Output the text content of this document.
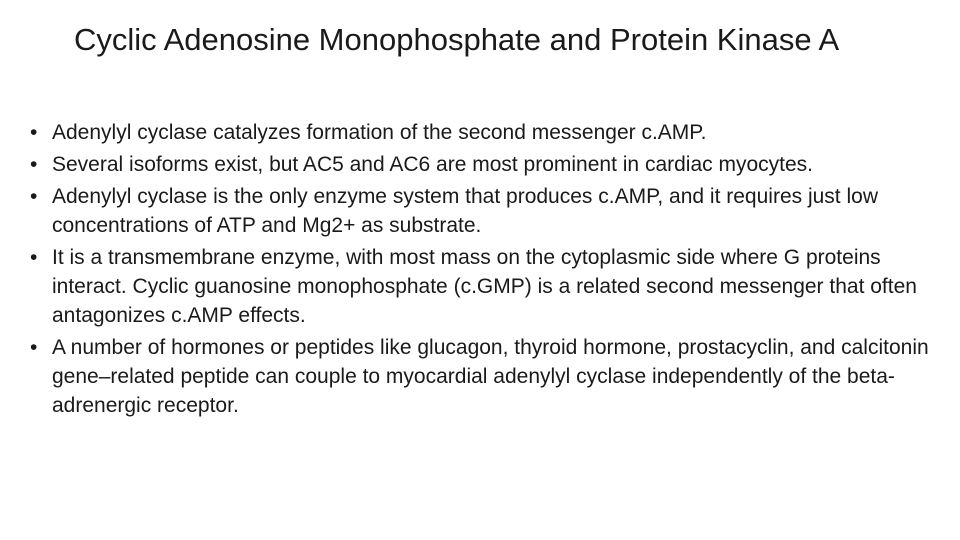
Cyclic Adenosine Monophosphate and Protein Kinase A
• Adenylyl cyclase catalyzes formation of the second messenger c.AMP.
• Several isoforms exist, but AC5 and AC6 are most prominent in cardiac myocytes.
• Adenylyl cyclase is the only enzyme system that produces c.AMP, and it requires just low concentrations of ATP and Mg2+ as substrate.
• It is a transmembrane enzyme, with most mass on the cytoplasmic side where G proteins interact. Cyclic guanosine monophosphate (c.GMP) is a related second messenger that often antagonizes c.AMP effects.
• A number of hormones or peptides like glucagon, thyroid hormone, prostacyclin, and calcitonin gene–related peptide can couple to myocardial adenylyl cyclase independently of the beta-adrenergic receptor.
